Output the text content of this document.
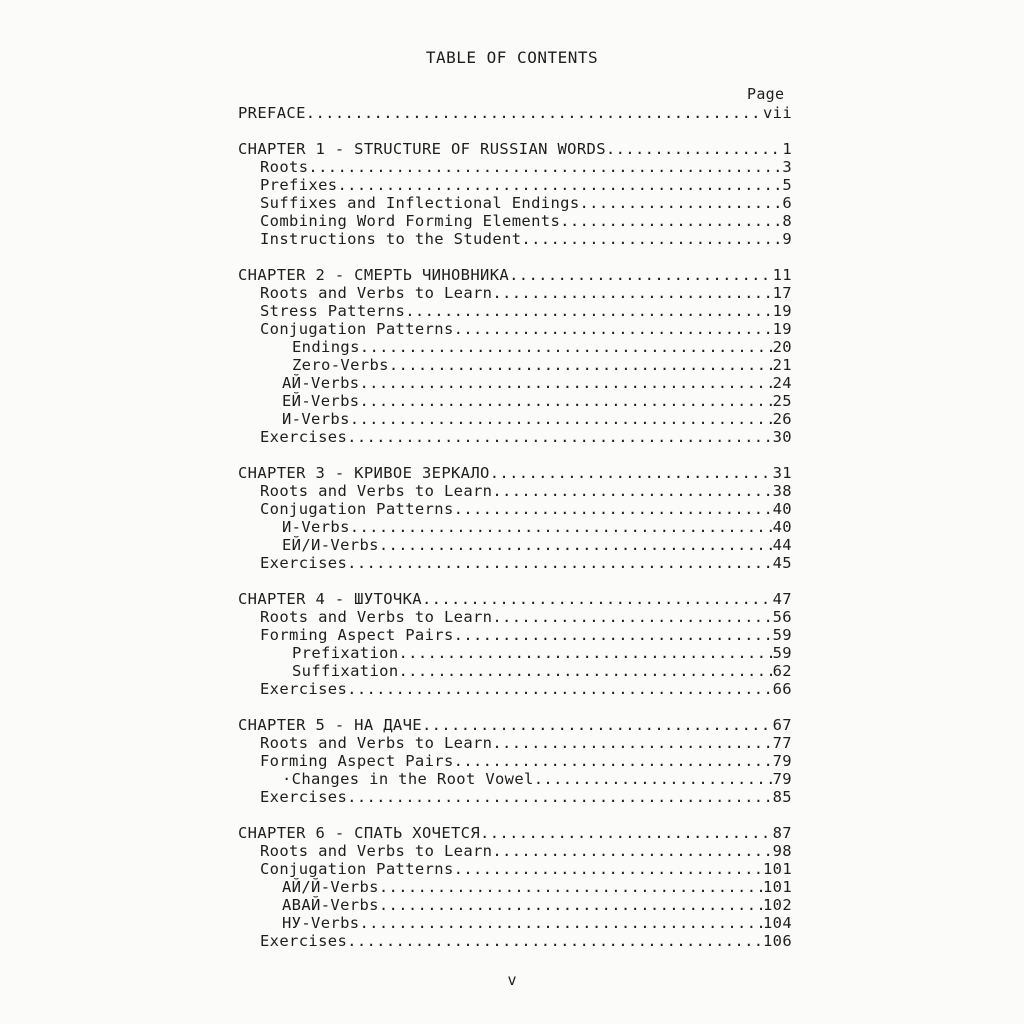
TABLE OF CONTENTS
Page
PREFACE .....	vii
CHAPTER 1 - STRUCTURE OF RUSSIAN WORDS .....	1
Roots .....	3
Prefixes .....	5
Suffixes and Inflectional Endings .....	6
Combining Word Forming Elements .....	8
Instructions to the Student .....	9
CHAPTER 2 - СМЕРТЬ ЧИНОВНИКА .....	11
Roots and Verbs to Learn .....	17
Stress Patterns .....	19
Conjugation Patterns .....	19
Endings .....	20
Zero-Verbs .....	21
АЙ-Verbs .....	24
ЕЙ-Verbs .....	25
И-Verbs .....	26
Exercises .....	30
CHAPTER 3 - КРИВОЕ ЗЕРКАЛО .....	31
Roots and Verbs to Learn .....	38
Conjugation Patterns .....	40
И-Verbs .....	40
ЕЙ/И-Verbs .....	44
Exercises .....	45
CHAPTER 4 - ШУТОЧКА .....	47
Roots and Verbs to Learn .....	56
Forming Aspect Pairs .....	59
Prefixation .....	59
Suffixation .....	62
Exercises .....	66
CHAPTER 5 - НА ДАЧЕ .....	67
Roots and Verbs to Learn .....	77
Forming Aspect Pairs .....	79
·Changes in the Root Vowel .....	79
Exercises .....	85
CHAPTER 6 - СПАТЬ ХОЧЕТСЯ .....	87
Roots and Verbs to Learn .....	98
Conjugation Patterns .....	101
АЙ/Й-Verbs .....	101
АВАЙ-Verbs .....	102
НУ-Verbs .....	104
Exercises .....	106
v
